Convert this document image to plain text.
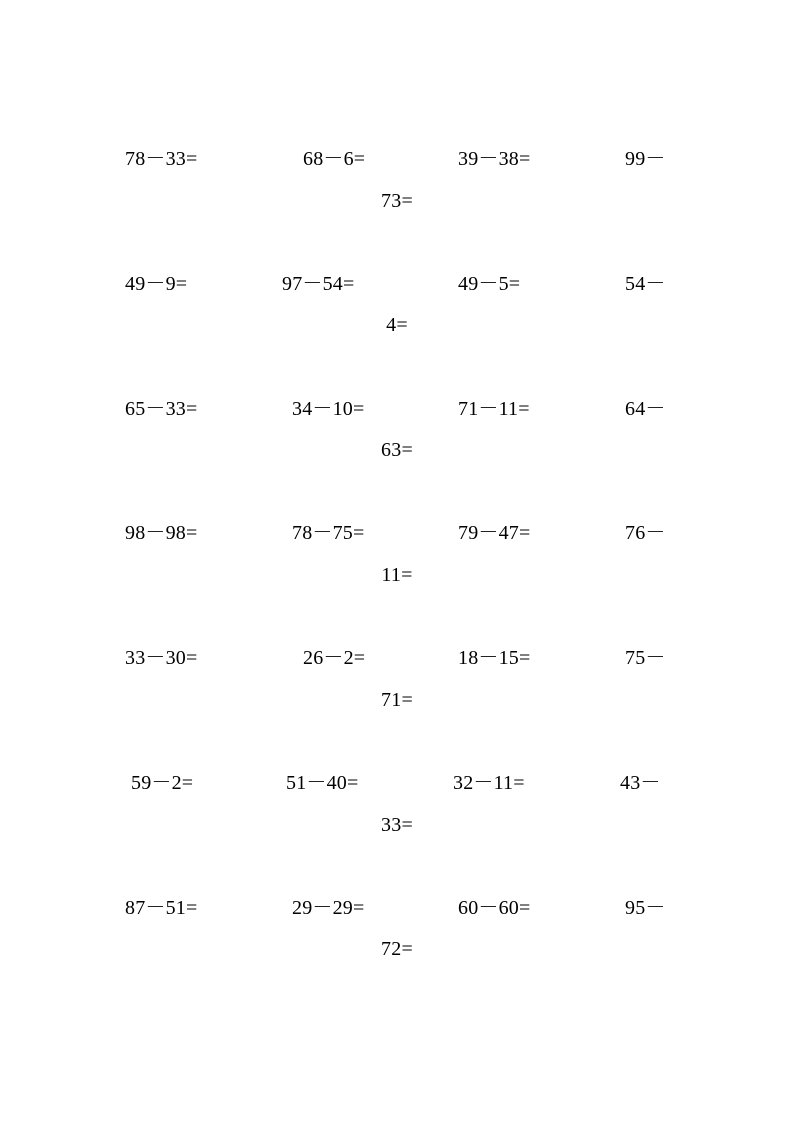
78－33=	68－6=	39－38=	99－
73=
49－9=	97－54=	49－5=	54－
4=
65－33=	34－10=	71－11=	64－
63=
98－98=	78－75=	79－47=	76－
11=
33－30=	26－2=	18－15=	75－
71=
59－2=	51－40=	32－11=	43－
33=
87－51=	29－29=	60－60=	95－
72=
